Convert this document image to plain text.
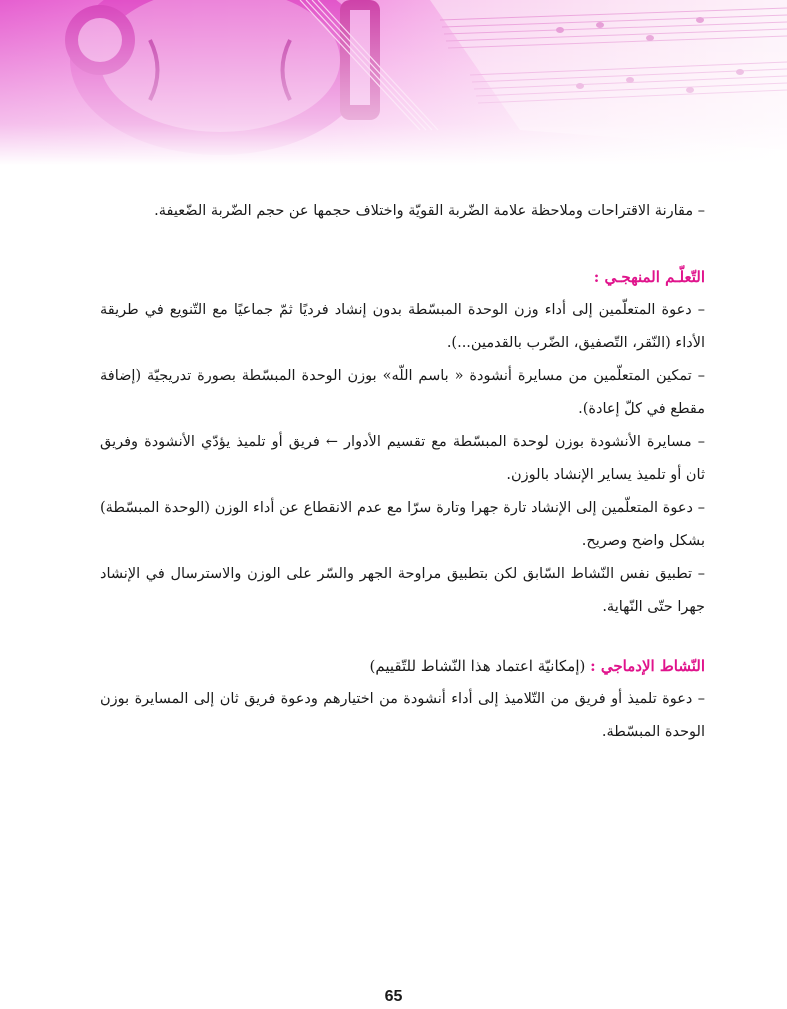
– مقارنة الاقتراحات وملاحظة علامة الضّربة القويّة واختلاف حجمها عن حجم الضّربة الضّعيفة.

التّعلّـم المنهجـي :

– دعوة المتعلّمين إلى أداء وزن الوحدة المبسّطة بدون إنشاد فرديًا ثمّ جماعيًا مع التّنويع في طريقة الأداء (النّقر، التّصفيق، الضّرب بالقدمين...).

– تمكين المتعلّمين من مسايرة أنشودة « باسم اللّه» بوزن الوحدة المبسّطة بصورة تدريجيّة (إضافة مقطع في كلّ إعادة).

– مسايرة الأنشودة بوزن لوحدة المبسّطة مع تقسيم الأدوار ← فريق أو تلميذ يؤدّي الأنشودة وفريق ثان أو تلميذ يساير الإنشاد بالوزن.

– دعوة المتعلّمين إلى الإنشاد تارة جهرا وتارة سرّا مع عدم الانقطاع عن أداء الوزن (الوحدة المبسّطة) بشكل واضح وصريح.

– تطبيق نفس النّشاط السّابق لكن بتطبيق مراوحة الجهر والسّر على الوزن والاسترسال في الإنشاد جهرا حتّى النّهاية.

النّشاط الإدماجي : (إمكانيّة اعتماد هذا النّشاط للتّقييم)

– دعوة تلميذ أو فريق من التّلاميذ إلى أداء أنشودة من اختيارهم ودعوة فريق ثان إلى المسايرة بوزن الوحدة المبسّطة.

65
